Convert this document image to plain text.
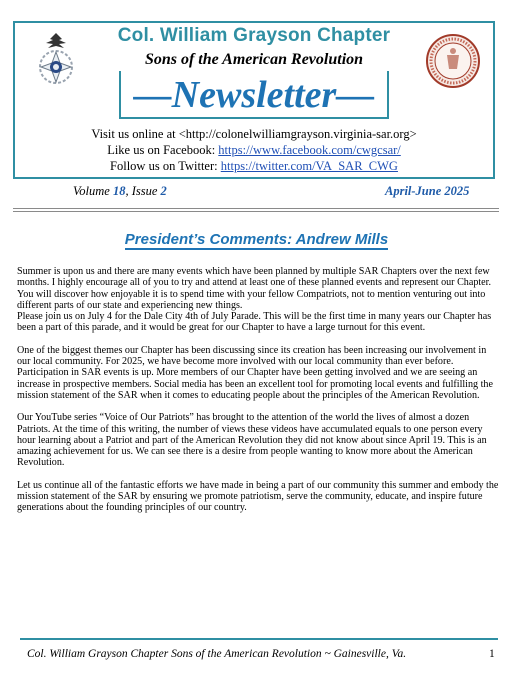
Col. William Grayson Chapter
Sons of the American Revolution
—Newsletter—
Visit us online at <http://colonelwilliamgrayson.virginia-sar.org>
Like us on Facebook: https://www.facebook.com/cwgcsar/
Follow us on Twitter: https://twitter.com/VA_SAR_CWG
Volume 18, Issue 2	April-June 2025
President’s Comments: Andrew Mills

Summer is upon us and there are many events which have been planned by multiple SAR Chapters over the next few months. I highly encourage all of you to try and attend at least one of these planned events and represent our Chapter. You will discover how enjoyable it is to spend time with your fellow Compatriots, not to mention venturing out into different parts of our state and experiencing new things.

Please join us on July 4 for the Dale City 4th of July Parade. This will be the first time in many years our Chapter has been a part of this parade, and it would be great for our Chapter to have a large turnout for this event.

One of the biggest themes our Chapter has been discussing since its creation has been increasing our involvement in our local community. For 2025, we have become more involved with our local community than ever before. Participation in SAR events is up. More members of our Chapter have been getting involved and we are seeing an increase in prospective members. Social media has been an excellent tool for promoting local events and fulfilling the mission statement of the SAR when it comes to educating people about the principles of the American Revolution.

Our YouTube series “Voice of Our Patriots” has brought to the attention of the world the lives of almost a dozen Patriots. At the time of this writing, the number of views these videos have accumulated equals to one person every hour learning about a Patriot and part of the American Revolution they did not know about since April 19. This is an amazing achievement for us. We can see there is a desire from people wanting to know more about the American Revolution.

Let us continue all of the fantastic efforts we have made in being a part of our community this summer and embody the mission statement of the SAR by ensuring we promote patriotism, serve the community, educate, and inspire future generations about the founding principles of our country.

Col. William Grayson Chapter Sons of the American Revolution ~ Gainesville, Va.	1
